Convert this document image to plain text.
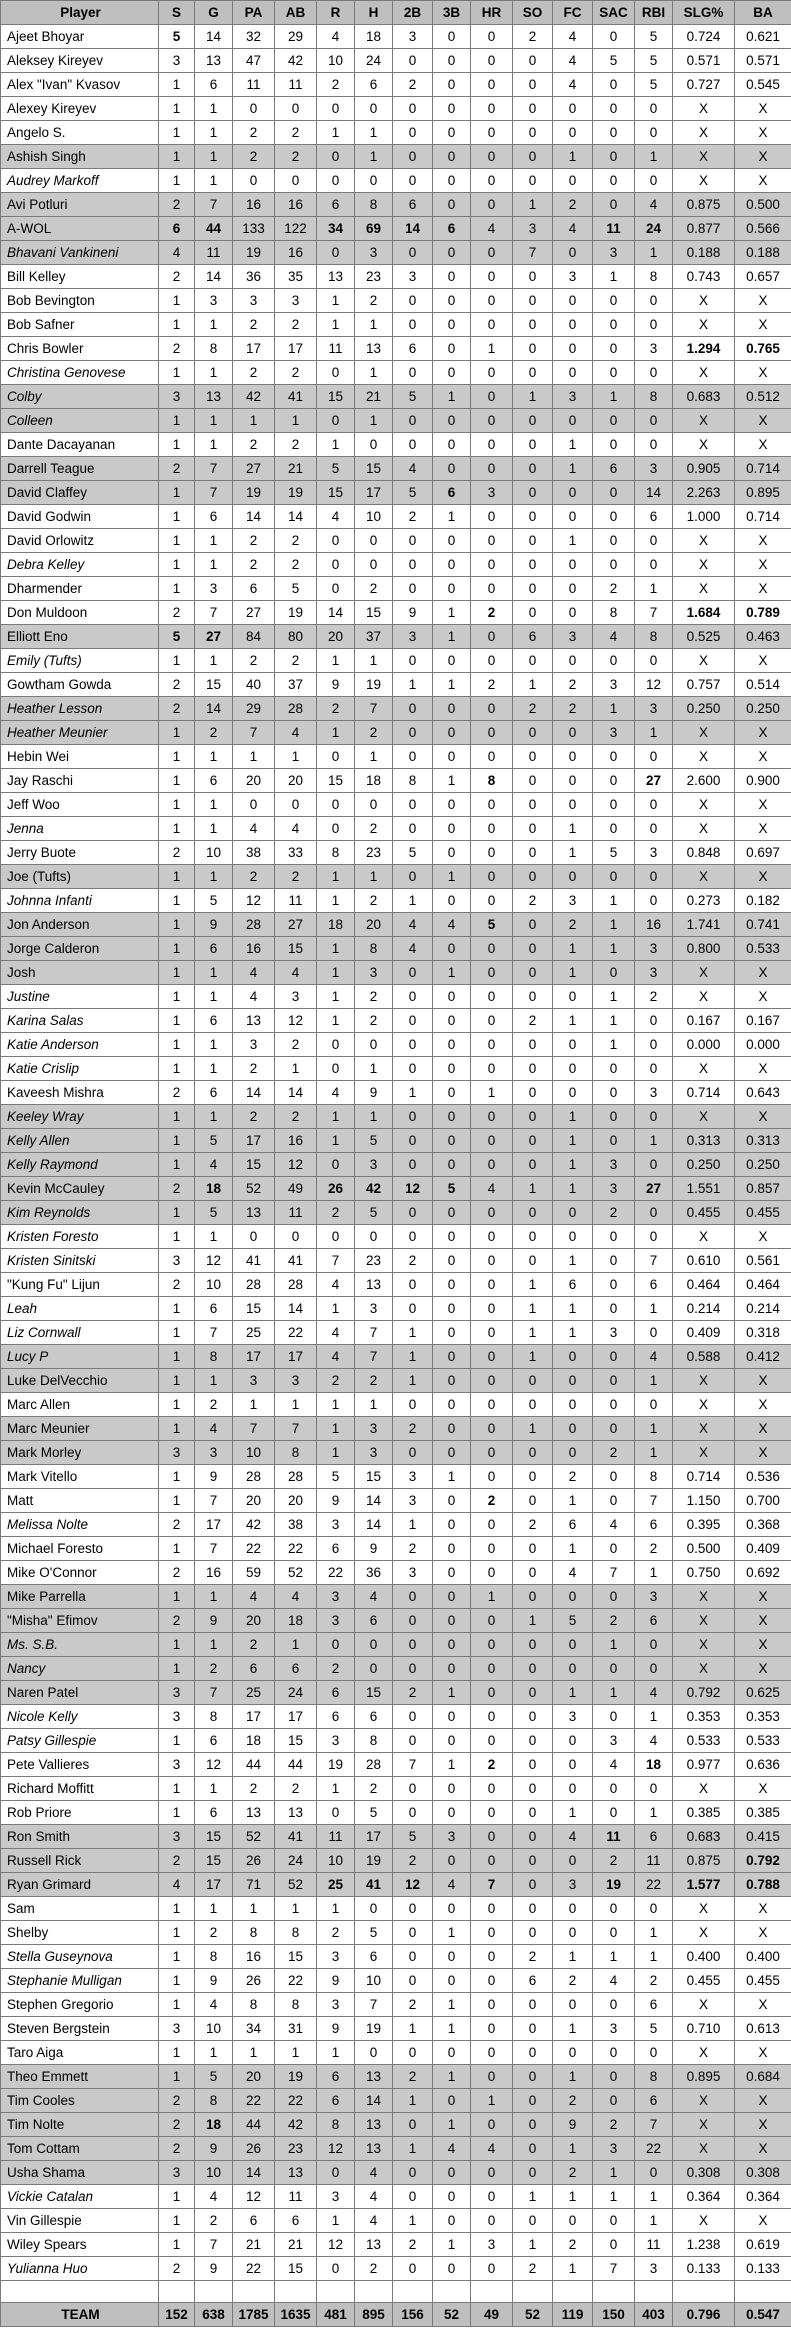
Player	S	G	PA	AB	R	H	2B	3B	HR	SO	FC	SAC	RBI	SLG%	BA
Ajeet Bhoyar	5	14	32	29	4	18	3	0	0	2	4	0	5	0.724	0.621
Aleksey Kireyev	3	13	47	42	10	24	0	0	0	0	4	5	5	0.571	0.571
Alex "Ivan" Kvasov	1	6	11	11	2	6	2	0	0	0	4	0	5	0.727	0.545
Alexey Kireyev	1	1	0	0	0	0	0	0	0	0	0	0	0	X	X
Angelo S.	1	1	2	2	1	1	0	0	0	0	0	0	0	X	X
Ashish Singh	1	1	2	2	0	1	0	0	0	0	1	0	1	X	X
Audrey Markoff	1	1	0	0	0	0	0	0	0	0	0	0	0	X	X
Avi Potluri	2	7	16	16	6	8	6	0	0	1	2	0	4	0.875	0.500
A-WOL	6	44	133	122	34	69	14	6	4	3	4	11	24	0.877	0.566
Bhavani Vankineni	4	11	19	16	0	3	0	0	0	7	0	3	1	0.188	0.188
Bill Kelley	2	14	36	35	13	23	3	0	0	0	3	1	8	0.743	0.657
Bob Bevington	1	3	3	3	1	2	0	0	0	0	0	0	0	X	X
Bob Safner	1	1	2	2	1	1	0	0	0	0	0	0	0	X	X
Chris Bowler	2	8	17	17	11	13	6	0	1	0	0	0	3	1.294	0.765
Christina Genovese	1	1	2	2	0	1	0	0	0	0	0	0	0	X	X
Colby	3	13	42	41	15	21	5	1	0	1	3	1	8	0.683	0.512
Colleen	1	1	1	1	0	1	0	0	0	0	0	0	0	X	X
Dante Dacayanan	1	1	2	2	1	0	0	0	0	0	1	0	0	X	X
Darrell Teague	2	7	27	21	5	15	4	0	0	0	1	6	3	0.905	0.714
David Claffey	1	7	19	19	15	17	5	6	3	0	0	0	14	2.263	0.895
David Godwin	1	6	14	14	4	10	2	1	0	0	0	0	6	1.000	0.714
David Orlowitz	1	1	2	2	0	0	0	0	0	0	1	0	0	X	X
Debra Kelley	1	1	2	2	0	0	0	0	0	0	0	0	0	X	X
Dharmender	1	3	6	5	0	2	0	0	0	0	0	2	1	X	X
Don Muldoon	2	7	27	19	14	15	9	1	2	0	0	8	7	1.684	0.789
Elliott Eno	5	27	84	80	20	37	3	1	0	6	3	4	8	0.525	0.463
Emily (Tufts)	1	1	2	2	1	1	0	0	0	0	0	0	0	X	X
Gowtham Gowda	2	15	40	37	9	19	1	1	2	1	2	3	12	0.757	0.514
Heather Lesson	2	14	29	28	2	7	0	0	0	2	2	1	3	0.250	0.250
Heather Meunier	1	2	7	4	1	2	0	0	0	0	0	3	1	X	X
Hebin Wei	1	1	1	1	0	1	0	0	0	0	0	0	0	X	X
Jay Raschi	1	6	20	20	15	18	8	1	8	0	0	0	27	2.600	0.900
Jeff Woo	1	1	0	0	0	0	0	0	0	0	0	0	0	X	X
Jenna	1	1	4	4	0	2	0	0	0	0	1	0	0	X	X
Jerry Buote	2	10	38	33	8	23	5	0	0	0	1	5	3	0.848	0.697
Joe (Tufts)	1	1	2	2	1	1	0	1	0	0	0	0	0	X	X
Johnna Infanti	1	5	12	11	1	2	1	0	0	2	3	1	0	0.273	0.182
Jon Anderson	1	9	28	27	18	20	4	4	5	0	2	1	16	1.741	0.741
Jorge Calderon	1	6	16	15	1	8	4	0	0	0	1	1	3	0.800	0.533
Josh	1	1	4	4	1	3	0	1	0	0	1	0	3	X	X
Justine	1	1	4	3	1	2	0	0	0	0	0	1	2	X	X
Karina Salas	1	6	13	12	1	2	0	0	0	2	1	1	0	0.167	0.167
Katie Anderson	1	1	3	2	0	0	0	0	0	0	0	1	0	0.000	0.000
Katie Crislip	1	1	2	1	0	1	0	0	0	0	0	0	0	X	X
Kaveesh Mishra	2	6	14	14	4	9	1	0	1	0	0	0	3	0.714	0.643
Keeley Wray	1	1	2	2	1	1	0	0	0	0	1	0	0	X	X
Kelly Allen	1	5	17	16	1	5	0	0	0	0	1	0	1	0.313	0.313
Kelly Raymond	1	4	15	12	0	3	0	0	0	0	1	3	0	0.250	0.250
Kevin McCauley	2	18	52	49	26	42	12	5	4	1	1	3	27	1.551	0.857
Kim Reynolds	1	5	13	11	2	5	0	0	0	0	0	2	0	0.455	0.455
Kristen Foresto	1	1	0	0	0	0	0	0	0	0	0	0	0	X	X
Kristen Sinitski	3	12	41	41	7	23	2	0	0	0	1	0	7	0.610	0.561
"Kung Fu" Lijun	2	10	28	28	4	13	0	0	0	1	6	0	6	0.464	0.464
Leah	1	6	15	14	1	3	0	0	0	1	1	0	1	0.214	0.214
Liz Cornwall	1	7	25	22	4	7	1	0	0	1	1	3	0	0.409	0.318
Lucy P	1	8	17	17	4	7	1	0	0	1	0	0	4	0.588	0.412
Luke DelVecchio	1	1	3	3	2	2	1	0	0	0	0	0	1	X	X
Marc Allen	1	2	1	1	1	1	0	0	0	0	0	0	0	X	X
Marc Meunier	1	4	7	7	1	3	2	0	0	1	0	0	1	X	X
Mark Morley	3	3	10	8	1	3	0	0	0	0	0	2	1	X	X
Mark Vitello	1	9	28	28	5	15	3	1	0	0	2	0	8	0.714	0.536
Matt	1	7	20	20	9	14	3	0	2	0	1	0	7	1.150	0.700
Melissa Nolte	2	17	42	38	3	14	1	0	0	2	6	4	6	0.395	0.368
Michael Foresto	1	7	22	22	6	9	2	0	0	0	1	0	2	0.500	0.409
Mike O'Connor	2	16	59	52	22	36	3	0	0	0	4	7	1	0.750	0.692
Mike Parrella	1	1	4	4	3	4	0	0	1	0	0	0	3	X	X
"Misha" Efimov	2	9	20	18	3	6	0	0	0	1	5	2	6	X	X
Ms. S.B.	1	1	2	1	0	0	0	0	0	0	0	1	0	X	X
Nancy	1	2	6	6	2	0	0	0	0	0	0	0	0	X	X
Naren Patel	3	7	25	24	6	15	2	1	0	0	1	1	4	0.792	0.625
Nicole Kelly	3	8	17	17	6	6	0	0	0	0	3	0	1	0.353	0.353
Patsy Gillespie	1	6	18	15	3	8	0	0	0	0	0	3	4	0.533	0.533
Pete Vallieres	3	12	44	44	19	28	7	1	2	0	0	4	18	0.977	0.636
Richard Moffitt	1	1	2	2	1	2	0	0	0	0	0	0	0	X	X
Rob Priore	1	6	13	13	0	5	0	0	0	0	1	0	1	0.385	0.385
Ron Smith	3	15	52	41	11	17	5	3	0	0	4	11	6	0.683	0.415
Russell Rick	2	15	26	24	10	19	2	0	0	0	0	2	11	0.875	0.792
Ryan Grimard	4	17	71	52	25	41	12	4	7	0	3	19	22	1.577	0.788
Sam	1	1	1	1	1	0	0	0	0	0	0	0	0	X	X
Shelby	1	2	8	8	2	5	0	1	0	0	0	0	1	X	X
Stella Guseynova	1	8	16	15	3	6	0	0	0	2	1	1	1	0.400	0.400
Stephanie Mulligan	1	9	26	22	9	10	0	0	0	6	2	4	2	0.455	0.455
Stephen Gregorio	1	4	8	8	3	7	2	1	0	0	0	0	6	X	X
Steven Bergstein	3	10	34	31	9	19	1	1	0	0	1	3	5	0.710	0.613
Taro Aiga	1	1	1	1	1	0	0	0	0	0	0	0	0	X	X
Theo Emmett	1	5	20	19	6	13	2	1	0	0	1	0	8	0.895	0.684
Tim Cooles	2	8	22	22	6	14	1	0	1	0	2	0	6	X	X
Tim Nolte	2	18	44	42	8	13	0	1	0	0	9	2	7	X	X
Tom Cottam	2	9	26	23	12	13	1	4	4	0	1	3	22	X	X
Usha Shama	3	10	14	13	0	4	0	0	0	0	2	1	0	0.308	0.308
Vickie Catalan	1	4	12	11	3	4	0	0	0	1	1	1	1	0.364	0.364
Vin Gillespie	1	2	6	6	1	4	1	0	0	0	0	0	1	X	X
Wiley Spears	1	7	21	21	12	13	2	1	3	1	2	0	11	1.238	0.619
Yulianna Huo	2	9	22	15	0	2	0	0	0	2	1	7	3	0.133	0.133

TEAM	152	638	1785	1635	481	895	156	52	49	52	119	150	403	0.796	0.547
